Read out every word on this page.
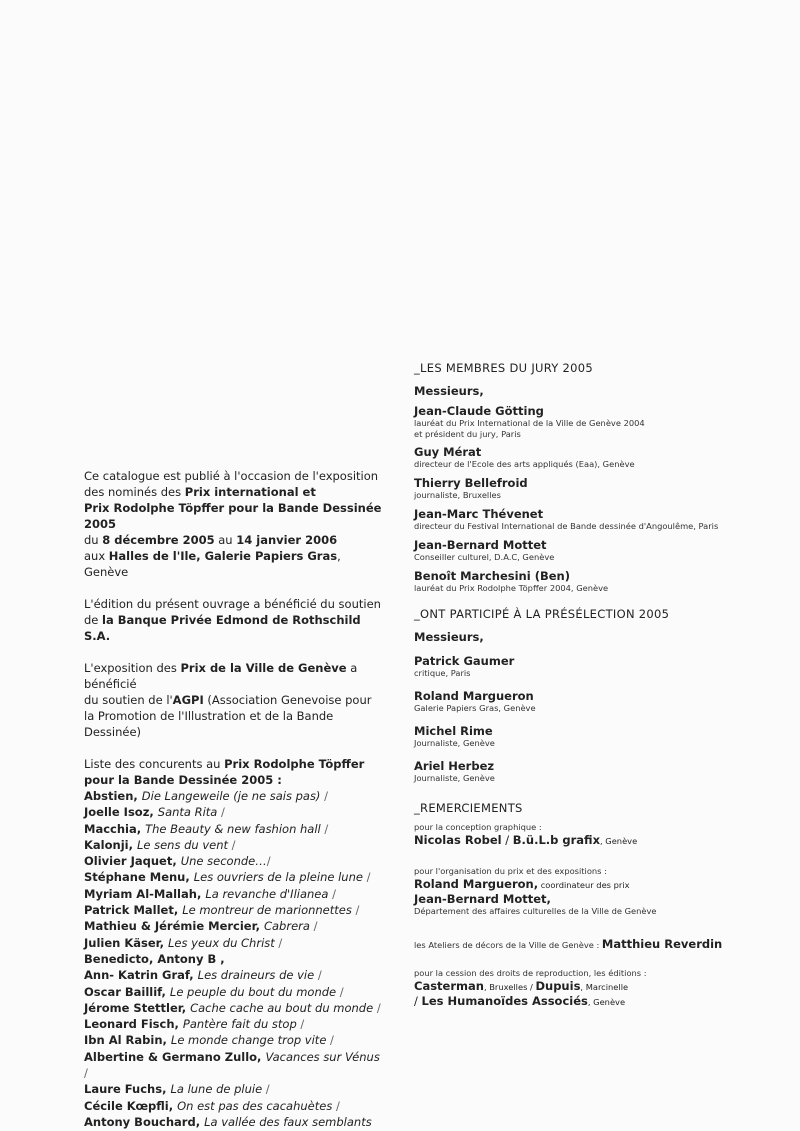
Ce catalogue est publié à l'occasion de l'exposition

des nominés des Prix international et

Prix Rodolphe Töpffer pour la Bande Dessinée 2005

du 8 décembre 2005 au 14 janvier 2006

aux Halles de l'Ile, Galerie Papiers Gras, Genève

L'édition du présent ouvrage a bénéficié du soutien

de la Banque Privée Edmond de Rothschild S.A.

L'exposition des Prix de la Ville de Genève a bénéficié

du soutien de l'AGPI (Association Genevoise pour

la Promotion de l'Illustration et de la Bande Dessinée)

Liste des concurents au Prix Rodolphe Töpffer

pour la Bande Dessinée 2005 :

Abstien, Die Langeweile (je ne sais pas) /
Joelle Isoz, Santa Rita /
Macchia, The Beauty & new fashion hall /
Kalonji, Le sens du vent /
Olivier Jaquet, Une seconde…/
Stéphane Menu, Les ouvriers de la pleine lune /
Myriam Al-Mallah, La revanche d'Ilianea /
Patrick Mallet, Le montreur de marionnettes /
Mathieu & Jérémie Mercier, Cabrera /
Julien Käser, Les yeux du Christ /
Benedicto, Antony B ,
Ann- Katrin Graf, Les draineurs de vie /
Oscar Baillif, Le peuple du bout du monde /
Jérome Stettler, Cache cache au bout du monde /
Leonard Fisch, Pantère fait du stop /
Ibn Al Rabin, Le monde change trop vite /
Albertine & Germano Zullo, Vacances sur Vénus /
Laure Fuchs, La lune de pluie /
Cécile Kœpfli, On est pas des cacahuètes /
Antony Bouchard, La vallée des faux semblants

_LES MEMBRES DU JURY 2005

Messieurs,
Jean-Claude Götting
lauréat du Prix International de la Ville de Genève 2004
et président du jury, Paris
Guy Mérat
directeur de l'Ecole des arts appliqués (Eaa), Genève
Thierry Bellefroid
journaliste, Bruxelles
Jean-Marc Thévenet
directeur du Festival International de Bande dessinée d'Angoulême, Paris
Jean-Bernard Mottet
Conseiller culturel, D.A.C, Genève
Benoît Marchesini (Ben)
lauréat du Prix Rodolphe Töpffer 2004, Genève

_ONT PARTICIPÉ À LA PRÉSÉLECTION 2005

Messieurs,
Patrick Gaumer
critique, Paris
Roland Margueron
Galerie Papiers Gras, Genève
Michel Rime
Journaliste, Genève
Ariel Herbez
Journaliste, Genève

_REMERCIEMENTS

pour la conception graphique :
Nicolas Robel / B.ü.L.b grafix, Genève
pour l'organisation du prix et des expositions :
Roland Margueron, coordinateur des prix
Jean-Bernard Mottet,
Département des affaires culturelles de la Ville de Genève
les Ateliers de décors de la Ville de Genève : Matthieu Reverdin
pour la cession des droits de reproduction, les éditions :
Casterman, Bruxelles / Dupuis, Marcinelle
/ Les Humanoïdes Associés, Genève
